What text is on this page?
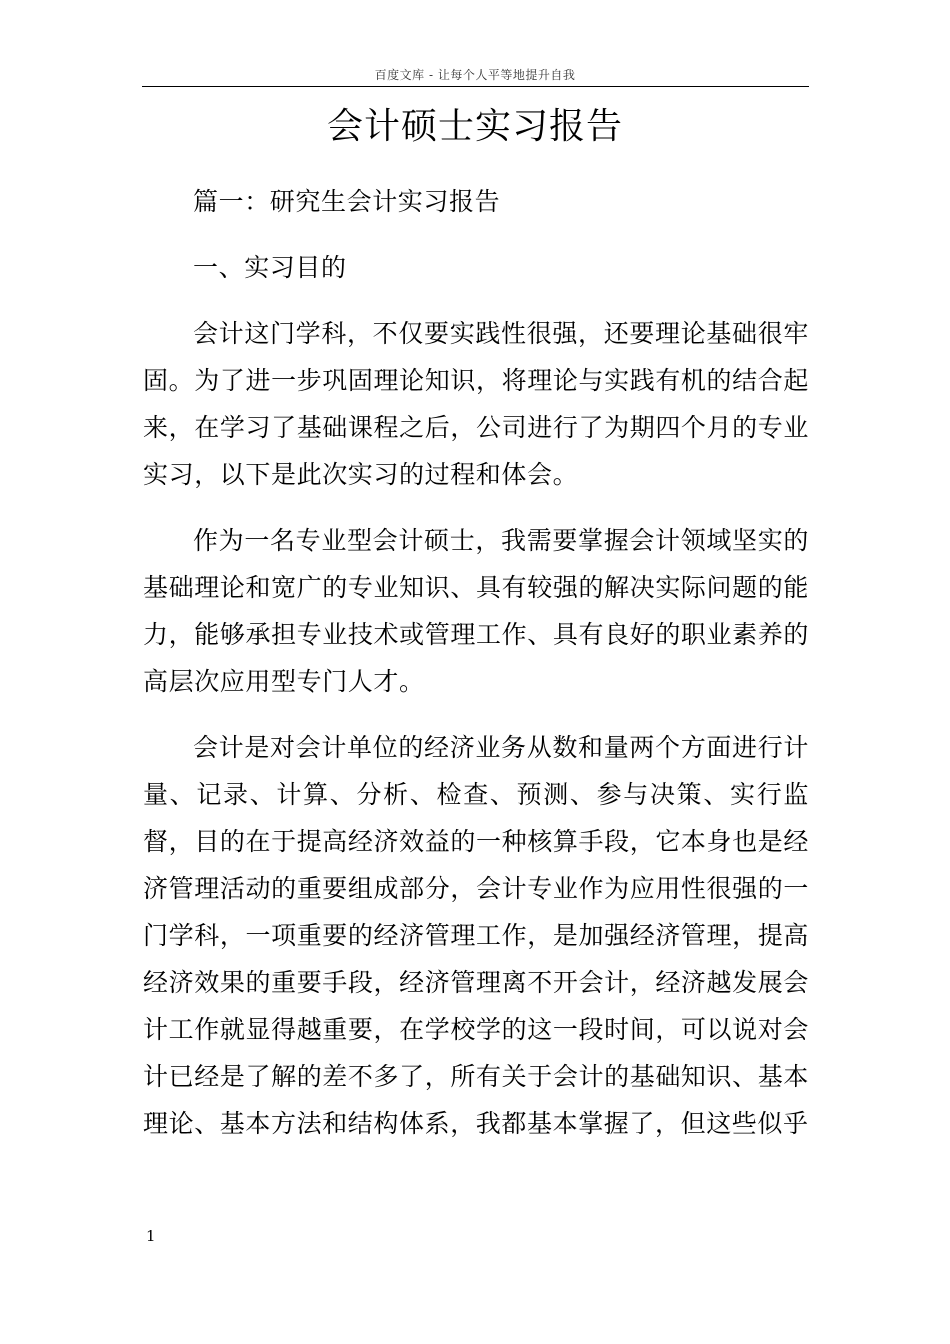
百度文库 - 让每个人平等地提升自我
会计硕士实习报告

篇一：研究生会计实习报告

一、实习目的

会计这门学科，不仅要实践性很强，还要理论基础很牢固。为了进一步巩固理论知识，将理论与实践有机的结合起来，在学习了基础课程之后，公司进行了为期四个月的专业实习，以下是此次实习的过程和体会。

作为一名专业型会计硕士，我需要掌握会计领域坚实的基础理论和宽广的专业知识、具有较强的解决实际问题的能力，能够承担专业技术或管理工作、具有良好的职业素养的高层次应用型专门人才。

会计是对会计单位的经济业务从数和量两个方面进行计量、记录、计算、分析、检查、预测、参与决策、实行监督，目的在于提高经济效益的一种核算手段，它本身也是经济管理活动的重要组成部分，会计专业作为应用性很强的一门学科，一项重要的经济管理工作，是加强经济管理，提高经济效果的重要手段，经济管理离不开会计，经济越发展会计工作就显得越重要，在学校学的这一段时间，可以说对会计已经是了解的差不多了，所有关于会计的基础知识、基本理论、基本方法和结构体系，我都基本掌握了，但这些似乎

1
